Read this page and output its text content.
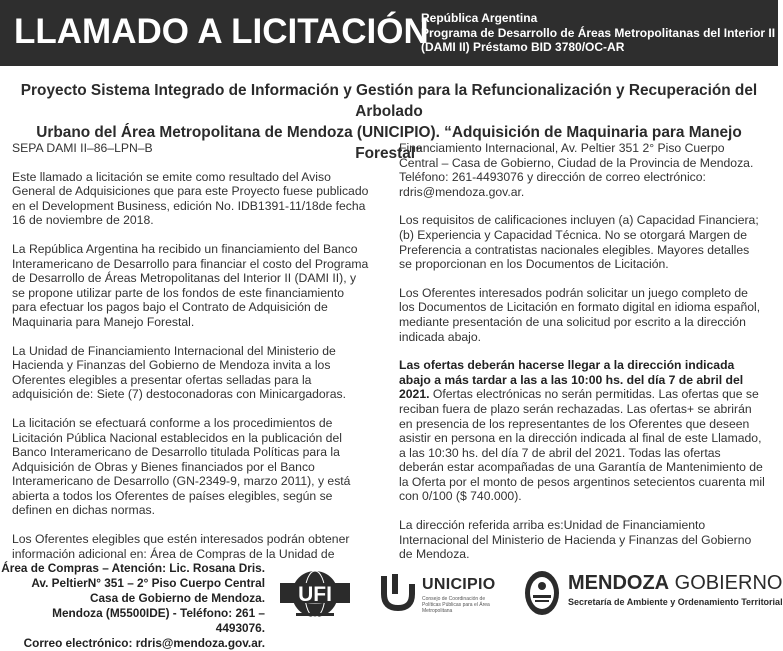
LLAMADO A LICITACIÓN
República Argentina
Programa de Desarrollo de Áreas Metropolitanas del Interior II
(DAMI II) Préstamo BID 3780/OC-AR
Proyecto Sistema Integrado de Información y Gestión para la Refuncionalización y Recuperación del Arbolado
Urbano del Área Metropolitana de Mendoza (UNICIPIO). “Adquisición de Maquinaria para Manejo Forestal”

SEPA DAMI II–86–LPN–B

Este llamado a licitación se emite como resultado del Aviso General de Adquisiciones que para este Proyecto fuese publicado en el Development Business, edición No. IDB1391-11/18de fecha 16 de noviembre de 2018.

La República Argentina ha recibido un financiamiento del Banco Interamericano de Desarrollo para financiar el costo del Programa de Desarrollo de Áreas Metropolitanas del Interior II (DAMI II), y se propone utilizar parte de los fondos de este financiamiento para efectuar los pagos bajo el Contrato de Adquisición de Maquinaria para Manejo Forestal.

La Unidad de Financiamiento Internacional del Ministerio de Hacienda y Finanzas del Gobierno de Mendoza invita a los Oferentes elegibles a presentar ofertas selladas para la adquisición de: Siete (7) destoconadoras con Minicargadoras.

La licitación se efectuará conforme a los procedimientos de Licitación Pública Nacional establecidos en la publicación del Banco Interamericano de Desarrollo titulada Políticas para la Adquisición de Obras y Bienes financiados por el Banco Interamericano de Desarrollo (GN-2349-9, marzo 2011), y está abierta a todos los Oferentes de países elegibles, según se definen en dichas normas.

Los Oferentes elegibles que estén interesados podrán obtener información adicional en: Área de Compras de la Unidad de

Financiamiento Internacional, Av. Peltier 351 2° Piso Cuerpo Central – Casa de Gobierno, Ciudad de la Provincia de Mendoza. Teléfono: 261-4493076 y dirección de correo electrónico: rdris@mendoza.gov.ar.

Los requisitos de calificaciones incluyen (a) Capacidad Financiera; (b) Experiencia y Capacidad Técnica. No se otorgará Margen de Preferencia a contratistas nacionales elegibles. Mayores detalles se proporcionan en los Documentos de Licitación.

Los Oferentes interesados podrán solicitar un juego completo de los Documentos de Licitación en formato digital en idioma español, mediante presentación de una solicitud por escrito a la dirección indicada abajo.

Las ofertas deberán hacerse llegar a la dirección indicada abajo a más tardar a las a las 10:00 hs. del día 7 de abril del 2021. Ofertas electrónicas no serán permitidas. Las ofertas que se reciban fuera de plazo serán rechazadas. Las ofertas+ se abrirán en presencia de los representantes de los Oferentes que deseen asistir en persona en la dirección indicada al final de este Llamado, a las 10:30 hs. del día 7 de abril del 2021. Todas las ofertas deberán estar acompañadas de una Garantía de Mantenimiento de la Oferta por el monto de pesos argentinos setecientos cuarenta mil con 0/100 ($ 740.000).

La dirección referida arriba es:Unidad de Financiamiento Internacional del Ministerio de Hacienda y Finanzas del Gobierno de Mendoza.

Área de Compras – Atención: Lic. Rosana Dris.
Av. PeltierN° 351 – 2° Piso Cuerpo Central
Casa de Gobierno de Mendoza.
Mendoza (M5500IDE) - Teléfono: 261 – 4493076.
Correo electrónico: rdris@mendoza.gov.ar.
UFI	UNICIPIO
Consejo de Coordinación de Políticas Públicas para el Área Metropolitana
MENDOZA GOBIERNO
Secretaría de Ambiente y Ordenamiento Territorial
